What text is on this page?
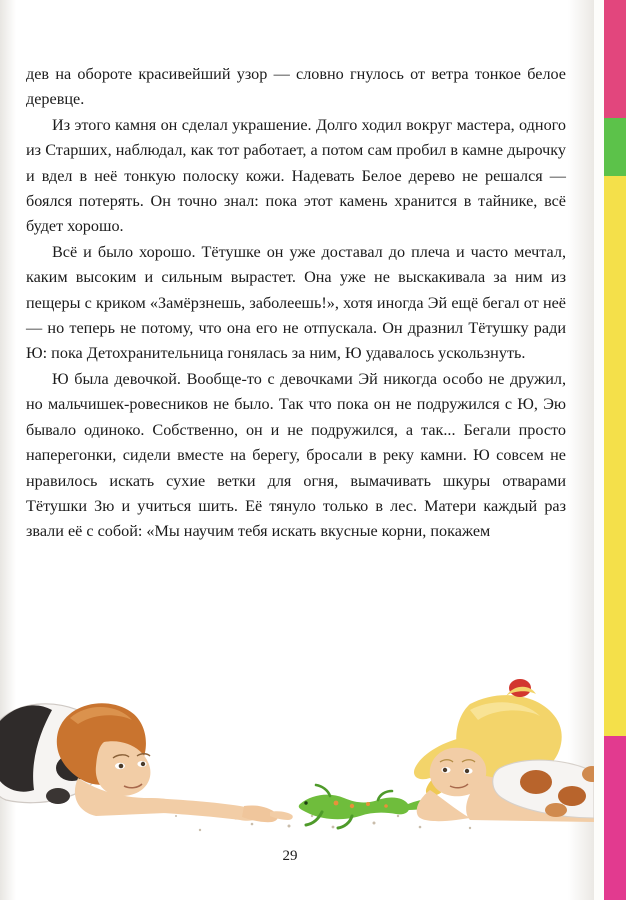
дев на обороте красивейший узор — словно гнулось от ветра тонкое белое деревце.

Из этого камня он сделал украшение. Долго ходил вокруг мастера, одного из Старших, наблюдал, как тот работает, а потом сам пробил в камне дырочку и вдел в неё тонкую полоску кожи. Надевать Белое дерево не решался — боялся потерять. Он точно знал: пока этот камень хранится в тайнике, всё будет хорошо.

Всё и было хорошо. Тётушке он уже доставал до плеча и часто мечтал, каким высоким и сильным вырастет. Она уже не выскакивала за ним из пещеры с криком «Замёрзнешь, заболеешь!», хотя иногда Эй ещё бегал от неё — но теперь не потому, что она его не отпускала. Он дразнил Тётушку ради Ю: пока Детохранительница гонялась за ним, Ю удавалось ускользнуть.

Ю была девочкой. Вообще-то с девочками Эй никогда особо не дружил, но мальчишек-ровесников не было. Так что пока он не подружился с Ю, Эю бывало одиноко. Собственно, он и не подружился, а так... Бегали просто наперегонки, сидели вместе на берегу, бросали в реку камни. Ю совсем не нравилось искать сухие ветки для огня, вымачивать шкуры отварами Тётушки Зю и учиться шить. Её тянуло только в лес. Матери каждый раз звали её с собой: «Мы научим тебя искать вкусные корни, покажем

29
